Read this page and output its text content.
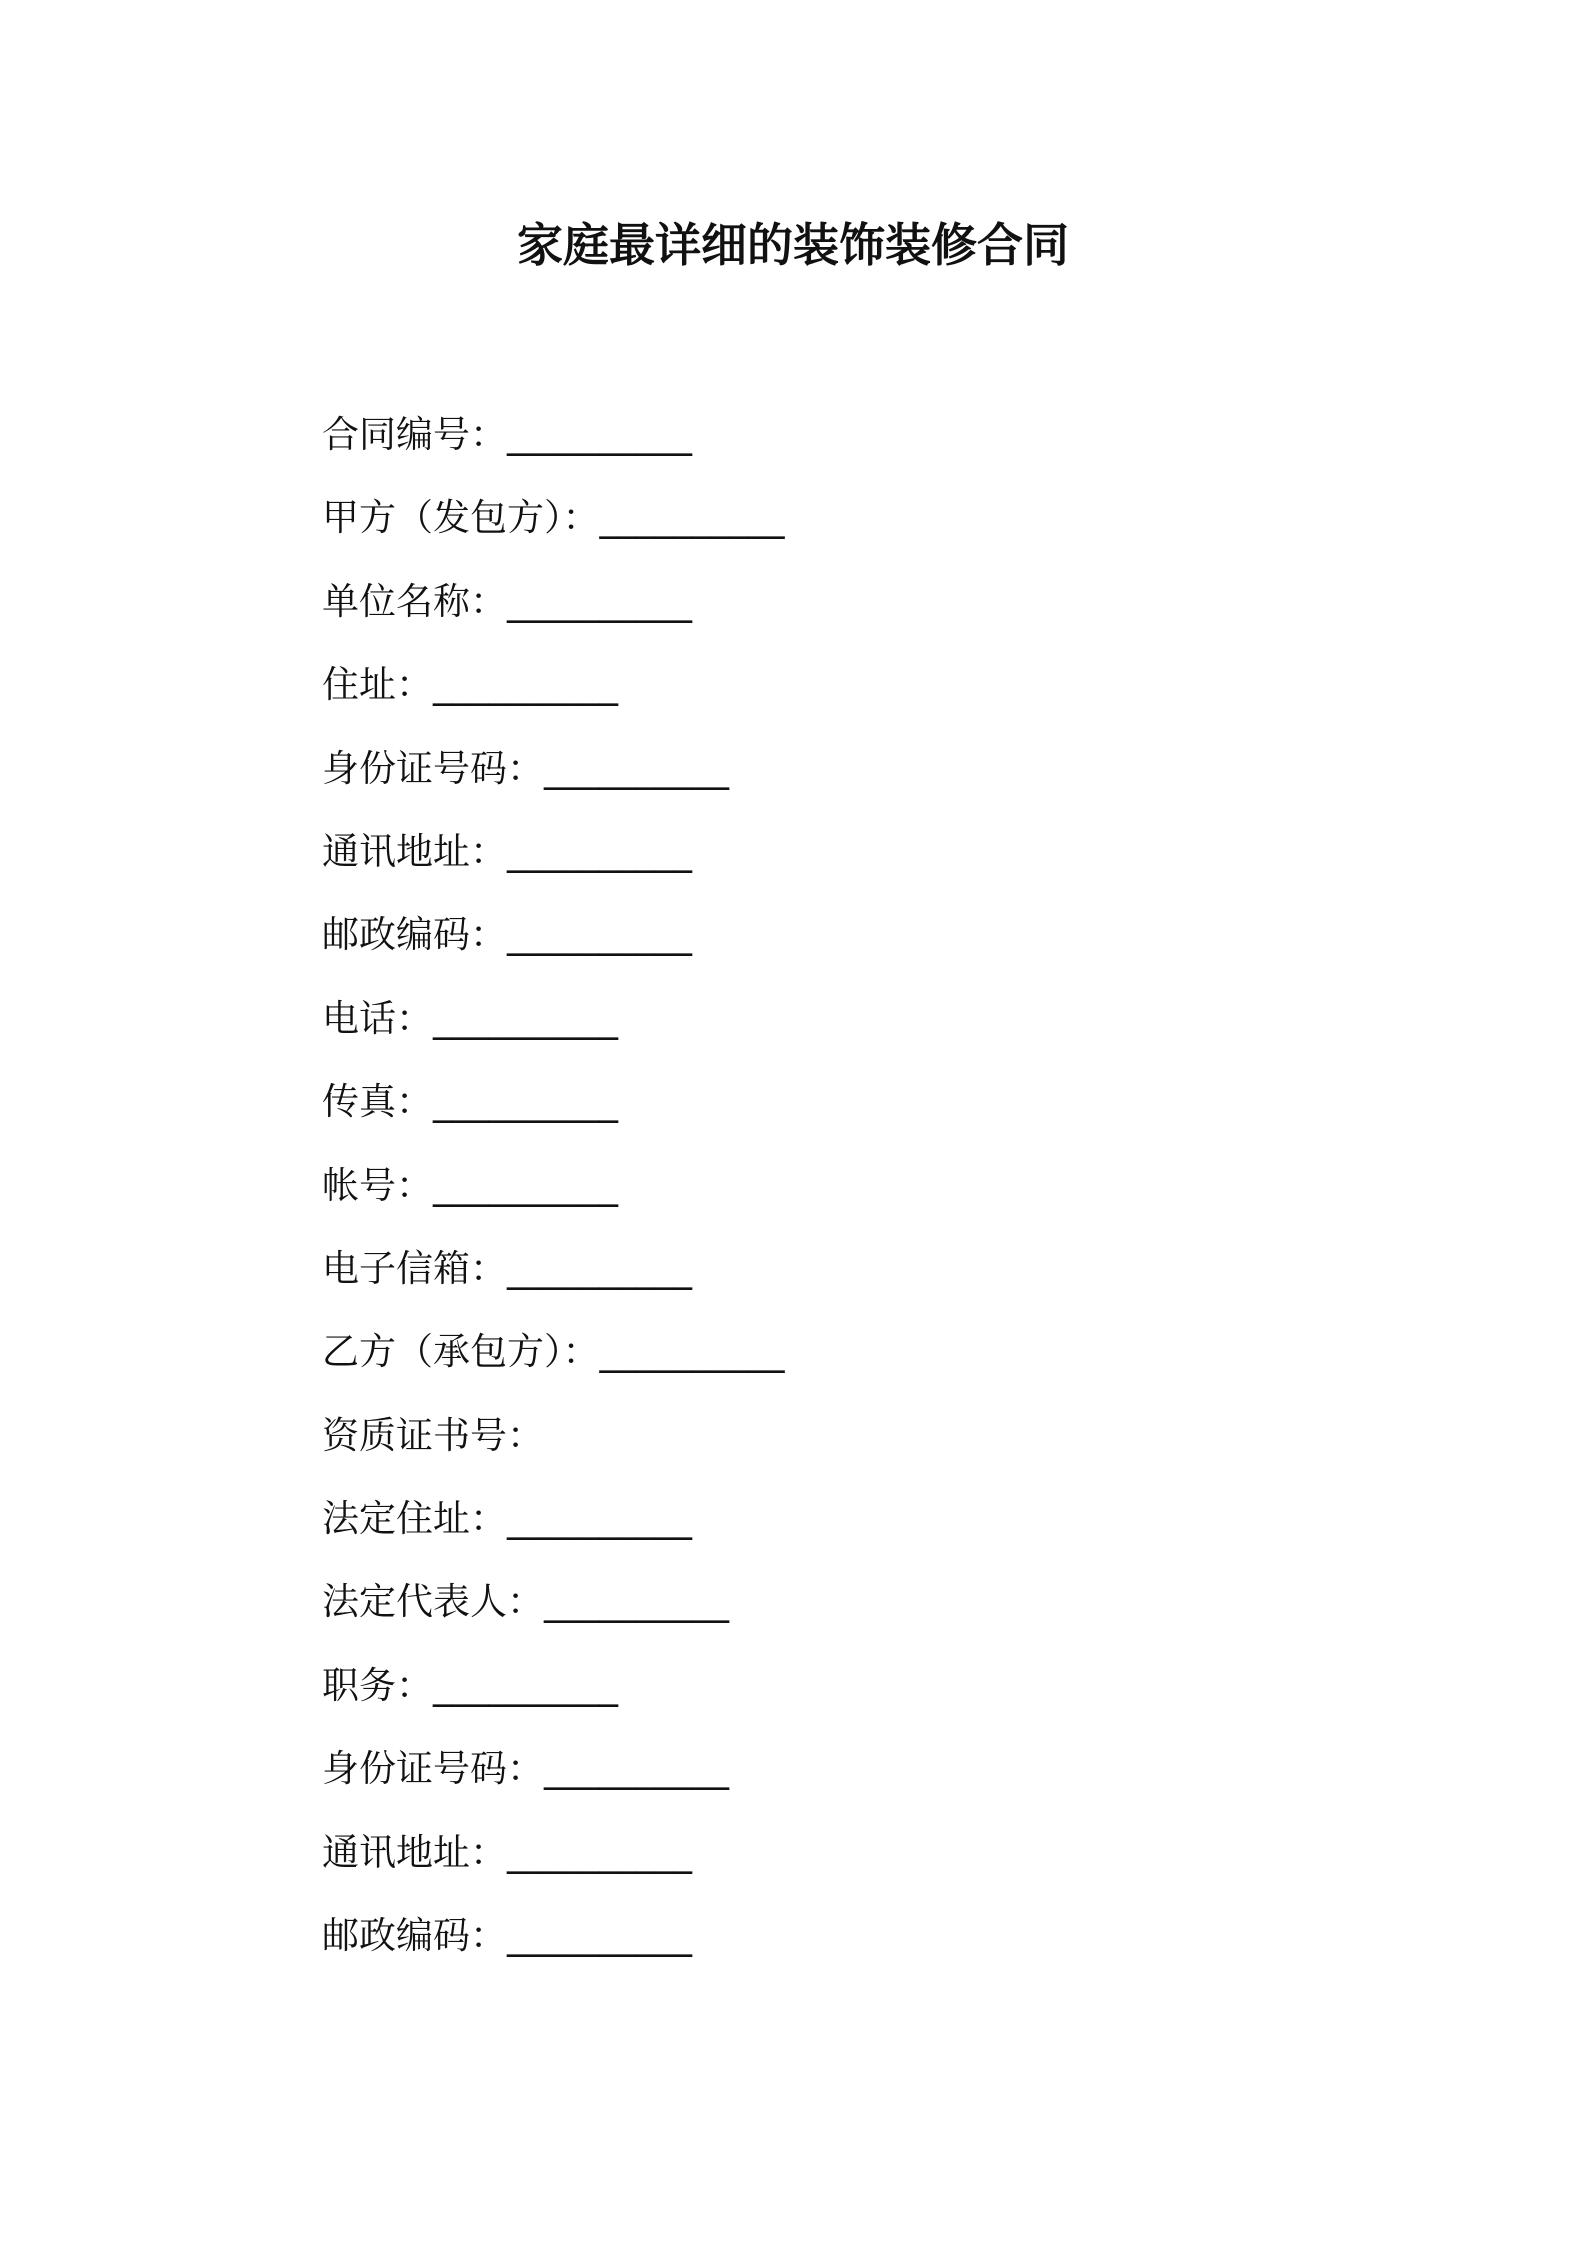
家庭最详细的装饰装修合同
合同编号：__________
甲方（发包方）：__________
单位名称：__________
住址：__________
身份证号码：__________
通讯地址：__________
邮政编码：__________
电话：__________
传真：__________
帐号：__________
电子信箱：__________
乙方（承包方）：__________
资质证书号：
法定住址：__________
法定代表人：__________
职务：__________
身份证号码：__________
通讯地址：__________
邮政编码：__________
